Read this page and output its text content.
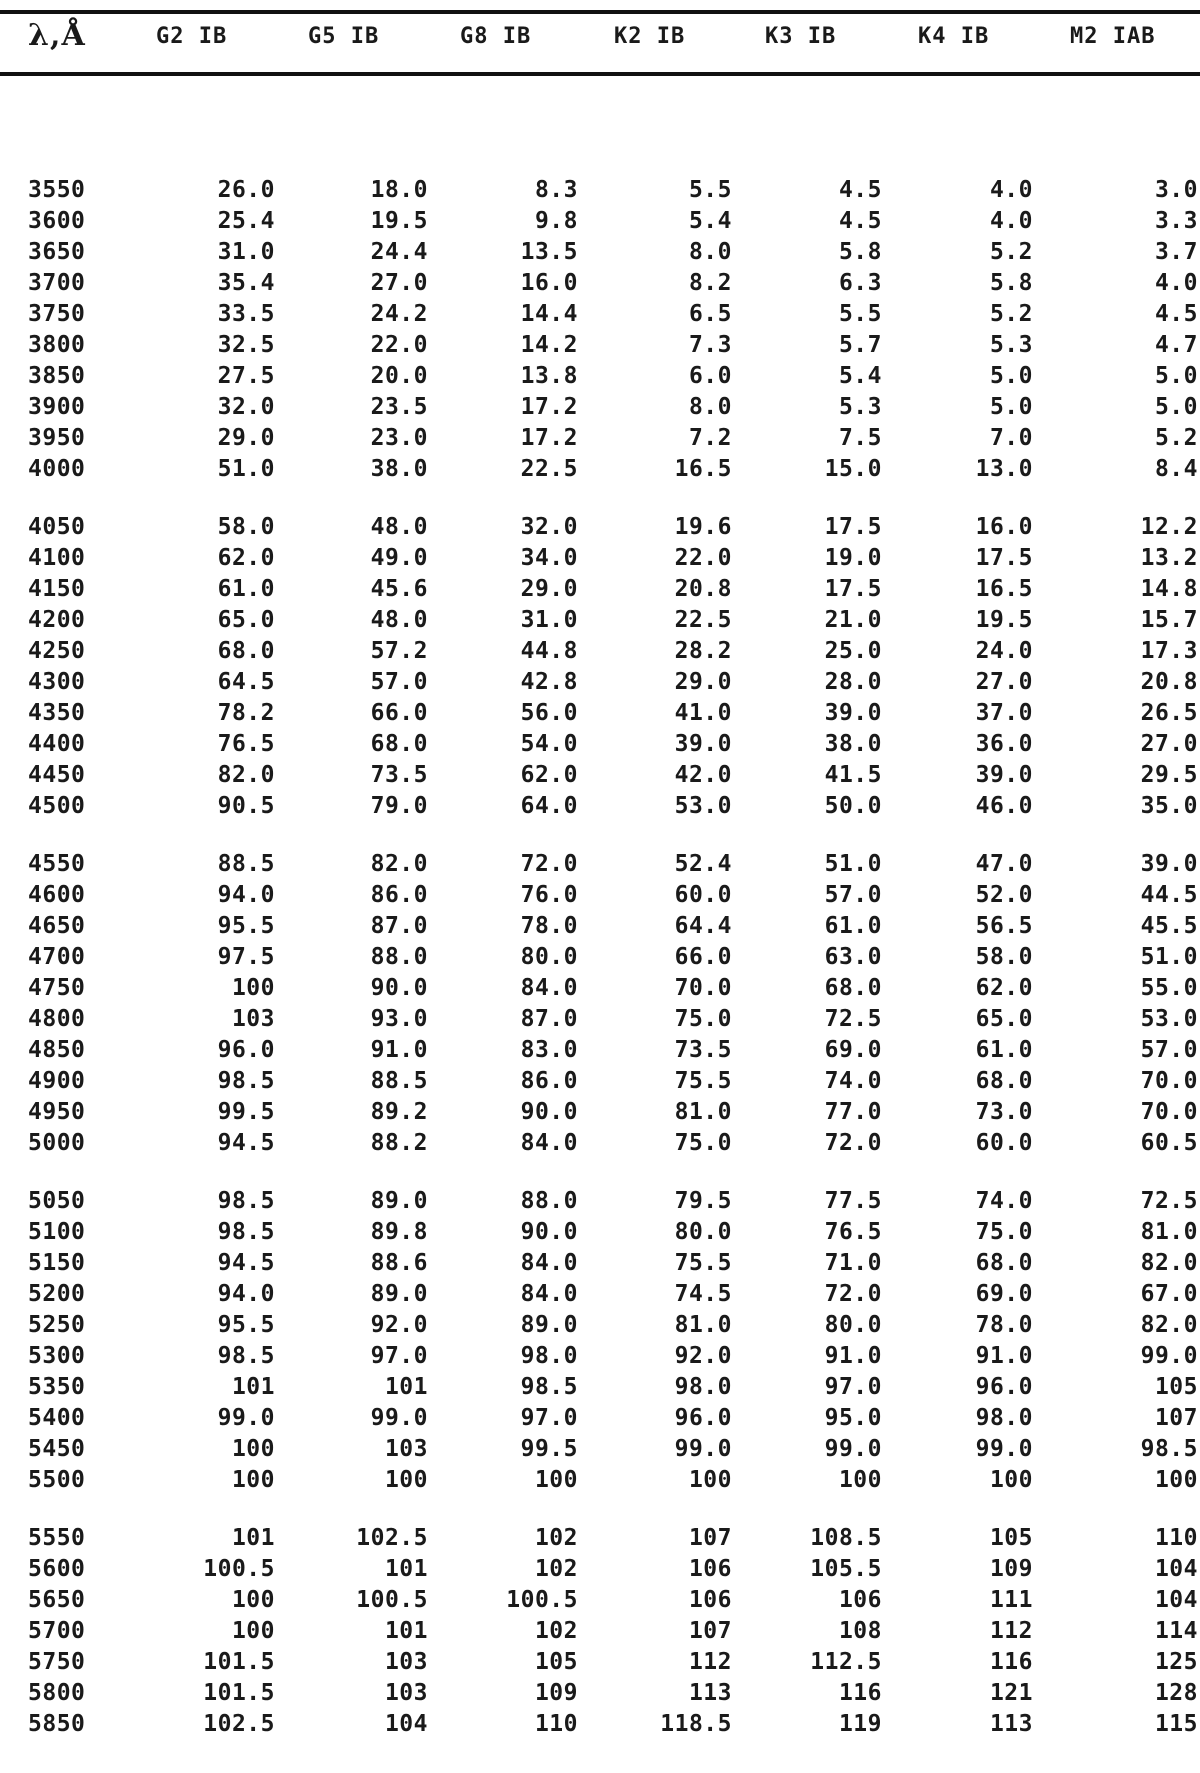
λ,Å	G2 IB	G5 IB	G8 IB	K2 IB	K3 IB	K4 IB	M2 IAB
3550	26.0	18.0	8.3	5.5	4.5	4.0	3.0
3600	25.4	19.5	9.8	5.4	4.5	4.0	3.3
3650	31.0	24.4	13.5	8.0	5.8	5.2	3.7
3700	35.4	27.0	16.0	8.2	6.3	5.8	4.0
3750	33.5	24.2	14.4	6.5	5.5	5.2	4.5
3800	32.5	22.0	14.2	7.3	5.7	5.3	4.7
3850	27.5	20.0	13.8	6.0	5.4	5.0	5.0
3900	32.0	23.5	17.2	8.0	5.3	5.0	5.0
3950	29.0	23.0	17.2	7.2	7.5	7.0	5.2
4000	51.0	38.0	22.5	16.5	15.0	13.0	8.4
4050	58.0	48.0	32.0	19.6	17.5	16.0	12.2
4100	62.0	49.0	34.0	22.0	19.0	17.5	13.2
4150	61.0	45.6	29.0	20.8	17.5	16.5	14.8
4200	65.0	48.0	31.0	22.5	21.0	19.5	15.7
4250	68.0	57.2	44.8	28.2	25.0	24.0	17.3
4300	64.5	57.0	42.8	29.0	28.0	27.0	20.8
4350	78.2	66.0	56.0	41.0	39.0	37.0	26.5
4400	76.5	68.0	54.0	39.0	38.0	36.0	27.0
4450	82.0	73.5	62.0	42.0	41.5	39.0	29.5
4500	90.5	79.0	64.0	53.0	50.0	46.0	35.0
4550	88.5	82.0	72.0	52.4	51.0	47.0	39.0
4600	94.0	86.0	76.0	60.0	57.0	52.0	44.5
4650	95.5	87.0	78.0	64.4	61.0	56.5	45.5
4700	97.5	88.0	80.0	66.0	63.0	58.0	51.0
4750	100	90.0	84.0	70.0	68.0	62.0	55.0
4800	103	93.0	87.0	75.0	72.5	65.0	53.0
4850	96.0	91.0	83.0	73.5	69.0	61.0	57.0
4900	98.5	88.5	86.0	75.5	74.0	68.0	70.0
4950	99.5	89.2	90.0	81.0	77.0	73.0	70.0
5000	94.5	88.2	84.0	75.0	72.0	60.0	60.5
5050	98.5	89.0	88.0	79.5	77.5	74.0	72.5
5100	98.5	89.8	90.0	80.0	76.5	75.0	81.0
5150	94.5	88.6	84.0	75.5	71.0	68.0	82.0
5200	94.0	89.0	84.0	74.5	72.0	69.0	67.0
5250	95.5	92.0	89.0	81.0	80.0	78.0	82.0
5300	98.5	97.0	98.0	92.0	91.0	91.0	99.0
5350	101	101	98.5	98.0	97.0	96.0	105
5400	99.0	99.0	97.0	96.0	95.0	98.0	107
5450	100	103	99.5	99.0	99.0	99.0	98.5
5500	100	100	100	100	100	100	100
5550	101	102.5	102	107	108.5	105	110
5600	100.5	101	102	106	105.5	109	104
5650	100	100.5	100.5	106	106	111	104
5700	100	101	102	107	108	112	114
5750	101.5	103	105	112	112.5	116	125
5800	101.5	103	109	113	116	121	128
5850	102.5	104	110	118.5	119	113	115
